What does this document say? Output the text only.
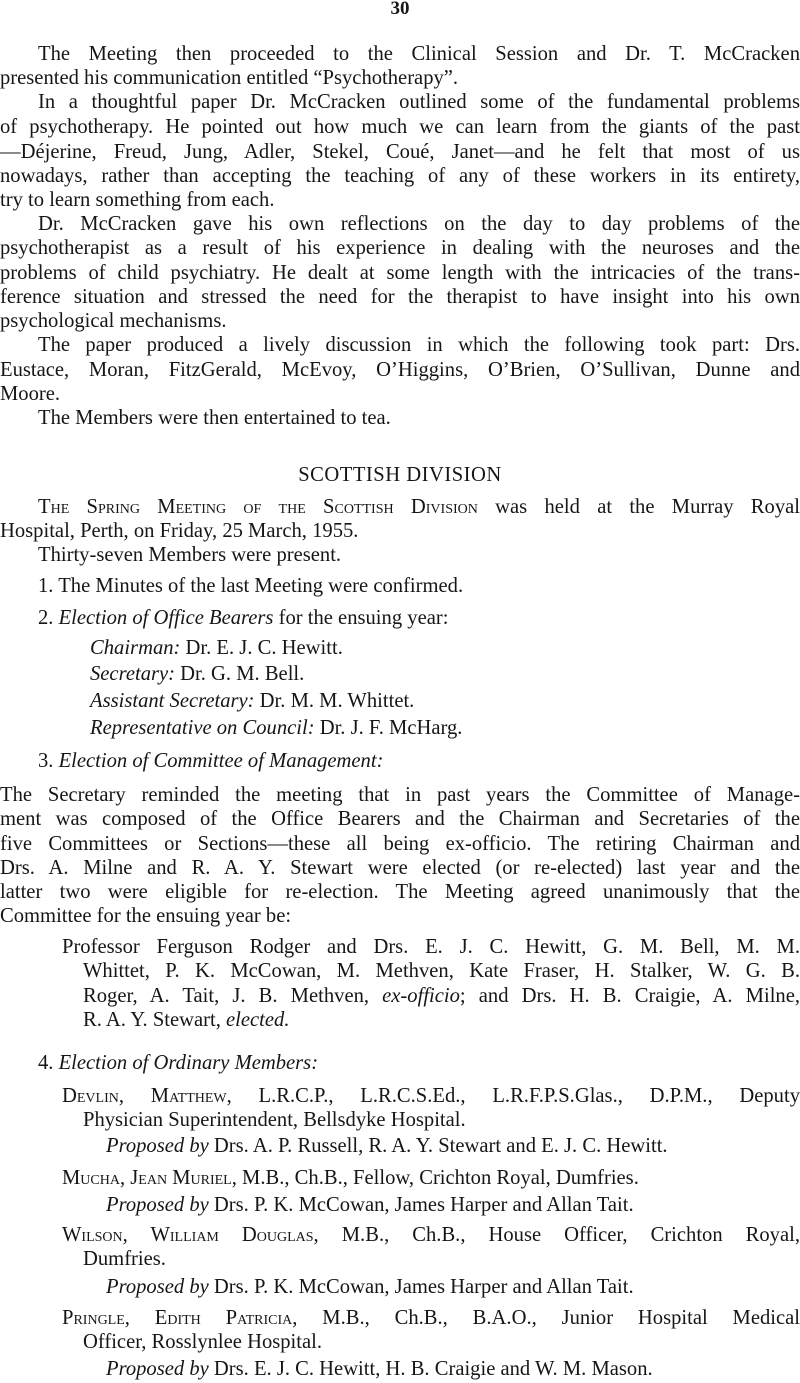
30
The Meeting then proceeded to the Clinical Session and Dr. T. McCracken
presented his communication entitled “Psychotherapy”.
In a thoughtful paper Dr. McCracken outlined some of the fundamental problems
of psychotherapy. He pointed out how much we can learn from the giants of the past
—Déjerine, Freud, Jung, Adler, Stekel, Coué, Janet—and he felt that most of us
nowadays, rather than accepting the teaching of any of these workers in its entirety,
try to learn something from each.
Dr. McCracken gave his own reflections on the day to day problems of the
psychotherapist as a result of his experience in dealing with the neuroses and the
problems of child psychiatry. He dealt at some length with the intricacies of the trans-
ference situation and stressed the need for the therapist to have insight into his own
psychological mechanisms.
The paper produced a lively discussion in which the following took part: Drs.
Eustace, Moran, FitzGerald, McEvoy, O’Higgins, O’Brien, O’Sullivan, Dunne and
Moore.
The Members were then entertained to tea.
SCOTTISH DIVISION
The Spring Meeting of the Scottish Division was held at the Murray Royal
Hospital, Perth, on Friday, 25 March, 1955.
Thirty-seven Members were present.
1. The Minutes of the last Meeting were confirmed.
2. Election of Office Bearers for the ensuing year:
Chairman: Dr. E. J. C. Hewitt.
Secretary: Dr. G. M. Bell.
Assistant Secretary: Dr. M. M. Whittet.
Representative on Council: Dr. J. F. McHarg.
3. Election of Committee of Management:
The Secretary reminded the meeting that in past years the Committee of Manage-
ment was composed of the Office Bearers and the Chairman and Secretaries of the
five Committees or Sections—these all being ex-officio. The retiring Chairman and
Drs. A. Milne and R. A. Y. Stewart were elected (or re-elected) last year and the
latter two were eligible for re-election. The Meeting agreed unanimously that the
Committee for the ensuing year be:
Professor Ferguson Rodger and Drs. E. J. C. Hewitt, G. M. Bell, M. M.
Whittet, P. K. McCowan, M. Methven, Kate Fraser, H. Stalker, W. G. B.
Roger, A. Tait, J. B. Methven, ex-officio; and Drs. H. B. Craigie, A. Milne,
R. A. Y. Stewart, elected.
4. Election of Ordinary Members:
Devlin, Matthew, L.R.C.P., L.R.C.S.Ed., L.R.F.P.S.Glas., D.P.M., Deputy
Physician Superintendent, Bellsdyke Hospital.
Proposed by Drs. A. P. Russell, R. A. Y. Stewart and E. J. C. Hewitt.
Mucha, Jean Muriel, M.B., Ch.B., Fellow, Crichton Royal, Dumfries.
Proposed by Drs. P. K. McCowan, James Harper and Allan Tait.
Wilson, William Douglas, M.B., Ch.B., House Officer, Crichton Royal,
Dumfries.
Proposed by Drs. P. K. McCowan, James Harper and Allan Tait.
Pringle, Edith Patricia, M.B., Ch.B., B.A.O., Junior Hospital Medical
Officer, Rosslynlee Hospital.
Proposed by Drs. E. J. C. Hewitt, H. B. Craigie and W. M. Mason.
